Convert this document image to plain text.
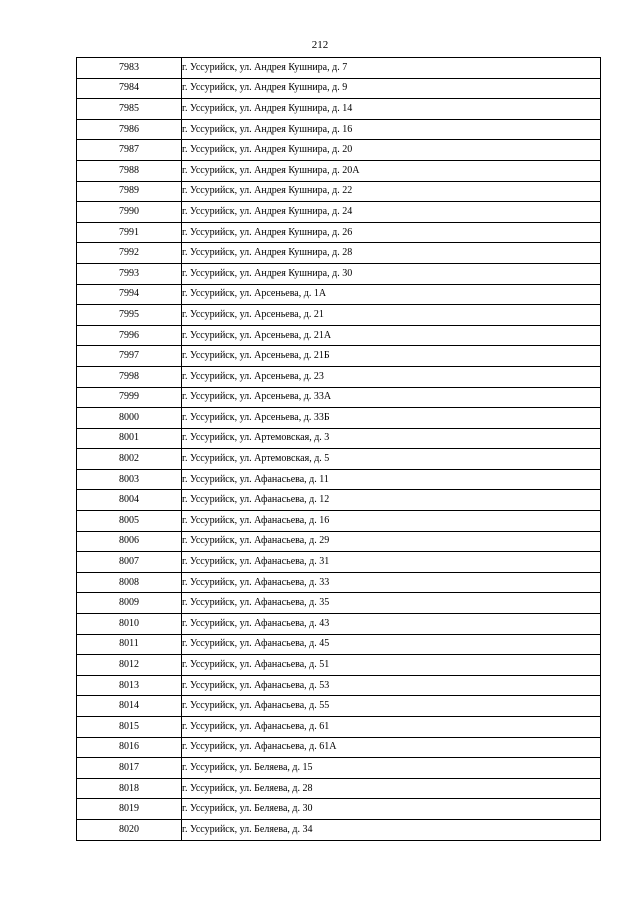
212
7983	г. Уссурийск, ул. Андрея Кушнира, д. 7
7984	г. Уссурийск, ул. Андрея Кушнира, д. 9
7985	г. Уссурийск, ул. Андрея Кушнира, д. 14
7986	г. Уссурийск, ул. Андрея Кушнира, д. 16
7987	г. Уссурийск, ул. Андрея Кушнира, д. 20
7988	г. Уссурийск, ул. Андрея Кушнира, д. 20А
7989	г. Уссурийск, ул. Андрея Кушнира, д. 22
7990	г. Уссурийск, ул. Андрея Кушнира, д. 24
7991	г. Уссурийск, ул. Андрея Кушнира, д. 26
7992	г. Уссурийск, ул. Андрея Кушнира, д. 28
7993	г. Уссурийск, ул. Андрея Кушнира, д. 30
7994	г. Уссурийск, ул. Арсеньева, д. 1А
7995	г. Уссурийск, ул. Арсеньева, д. 21
7996	г. Уссурийск, ул. Арсеньева, д. 21А
7997	г. Уссурийск, ул. Арсеньева, д. 21Б
7998	г. Уссурийск, ул. Арсеньева, д. 23
7999	г. Уссурийск, ул. Арсеньева, д. 33А
8000	г. Уссурийск, ул. Арсеньева, д. 33Б
8001	г. Уссурийск, ул. Артемовская, д. 3
8002	г. Уссурийск, ул. Артемовская, д. 5
8003	г. Уссурийск, ул. Афанасьева, д. 11
8004	г. Уссурийск, ул. Афанасьева, д. 12
8005	г. Уссурийск, ул. Афанасьева, д. 16
8006	г. Уссурийск, ул. Афанасьева, д. 29
8007	г. Уссурийск, ул. Афанасьева, д. 31
8008	г. Уссурийск, ул. Афанасьева, д. 33
8009	г. Уссурийск, ул. Афанасьева, д. 35
8010	г. Уссурийск, ул. Афанасьева, д. 43
8011	г. Уссурийск, ул. Афанасьева, д. 45
8012	г. Уссурийск, ул. Афанасьева, д. 51
8013	г. Уссурийск, ул. Афанасьева, д. 53
8014	г. Уссурийск, ул. Афанасьева, д. 55
8015	г. Уссурийск, ул. Афанасьева, д. 61
8016	г. Уссурийск, ул. Афанасьева, д. 61А
8017	г. Уссурийск, ул. Беляева, д. 15
8018	г. Уссурийск, ул. Беляева, д. 28
8019	г. Уссурийск, ул. Беляева, д. 30
8020	г. Уссурийск, ул. Беляева, д. 34
